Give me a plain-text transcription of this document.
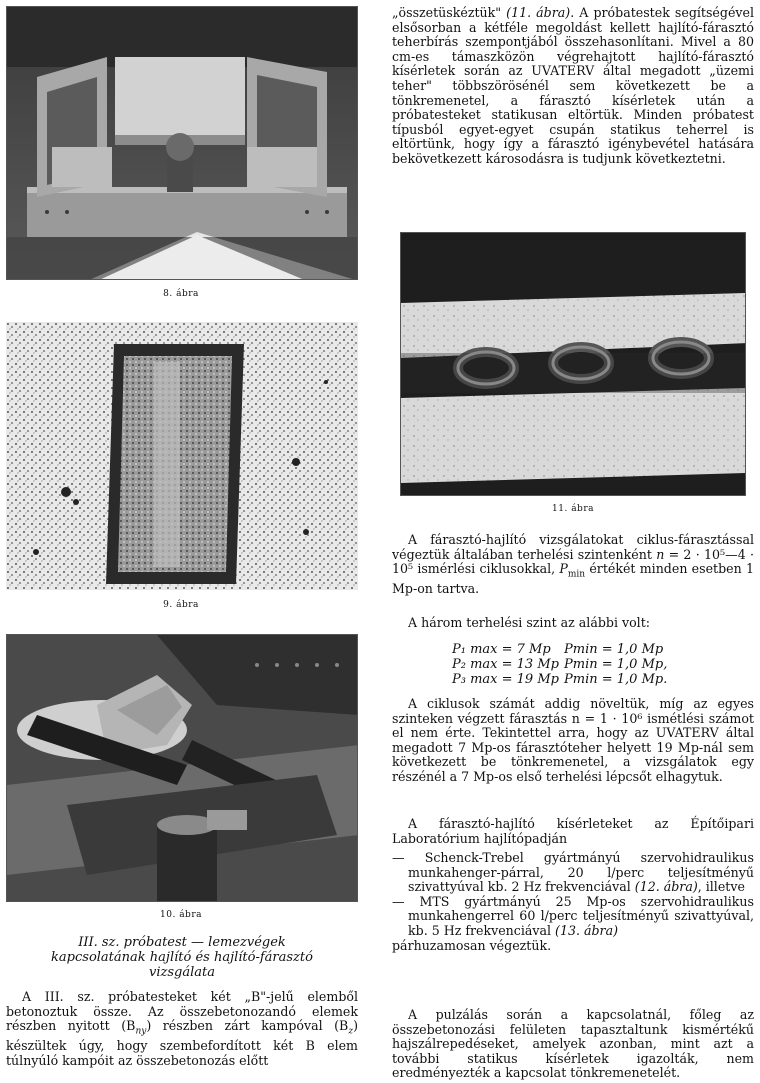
8. ábra
9. ábra
10. ábra
III. sz. próbatest — lemezvégek
kapcsolatának hajlító és hajlító-fárasztó
vizsgálata

A III. sz. próbatesteket két „B"-jelű elemből betonoztuk össze. Az összebetonozandó elemek részben nyitott $(B_{ny})$ részben zárt kampóval $(B_z)$ készültek úgy, hogy szembefordított két B elem túlnyúló kampóit az összebetonozás előtt

„összetüskéztük" (11. ábra). A próbatestek segítségével elsősorban a kétféle megoldást kellett hajlító-fárasztó teherbírás szempontjából összehasonlítani. Mivel a 80 cm-es támaszközön végrehajtott hajlító-fárasztó kísérletek során az UVATERV által megadott „üzemi teher" többszörösénél sem következett be a tönkremenetel, a fárasztó kísérletek után a próbatesteket statikusan eltörtük. Minden próbatest típusból egyet-egyet csupán statikus teherrel is eltörtünk, hogy így a fárasztó igénybevétel hatására bekövetkezett károsodásra is tudjunk következtetni.

11. ábra

A fárasztó-hajlító vizsgálatokat ciklus-fárasztással végeztük általában terhelési szintenként n = 2 · 10⁵—4 · 10⁵ ismérlési ciklusokkal, $P_{min}$ értékét minden esetben 1 Mp-on tartva.

A három terhelési szint az alábbi volt:

P₁ max = 7 Mp Pmin = 1,0 Mp
P₂ max = 13 Mp Pmin = 1,0 Mp,
P₃ max = 19 Mp Pmin = 1,0 Mp.

A ciklusok számát addig növeltük, míg az egyes szinteken végzett fárasztás n = 1 · 10⁶ ismétlési számot el nem érte. Tekintettel arra, hogy az UVATERV által megadott 7 Mp-os fárasztóteher helyett 19 Mp-nál sem következett be tönkremenetel, a vizsgálatok egy részénél a 7 Mp-os első terhelési lépcsőt elhagytuk.

A fárasztó-hajlító kísérleteket az Építőipari Laboratórium hajlítópadján

— Schenck-Trebel gyártmányú szervohidraulikus munkahenger-párral, 20 l/perc teljesítményű szivattyúval kb. 2 Hz frekvenciával (12. ábra), illetve
— MTS gyártmányú 25 Mp-os szervohidraulikus munkahengerrel 60 l/perc teljesítményű szivattyúval, kb. 5 Hz frekvenciával (13. ábra)
párhuzamosan végeztük.

A pulzálás során a kapcsolatnál, főleg az összebetonozási felületen tapasztaltunk kismértékű hajszálrepedéseket, amelyek azonban, mint azt a további statikus kísérletek igazolták, nem eredményezték a kapcsolat tönkremenetelét.
